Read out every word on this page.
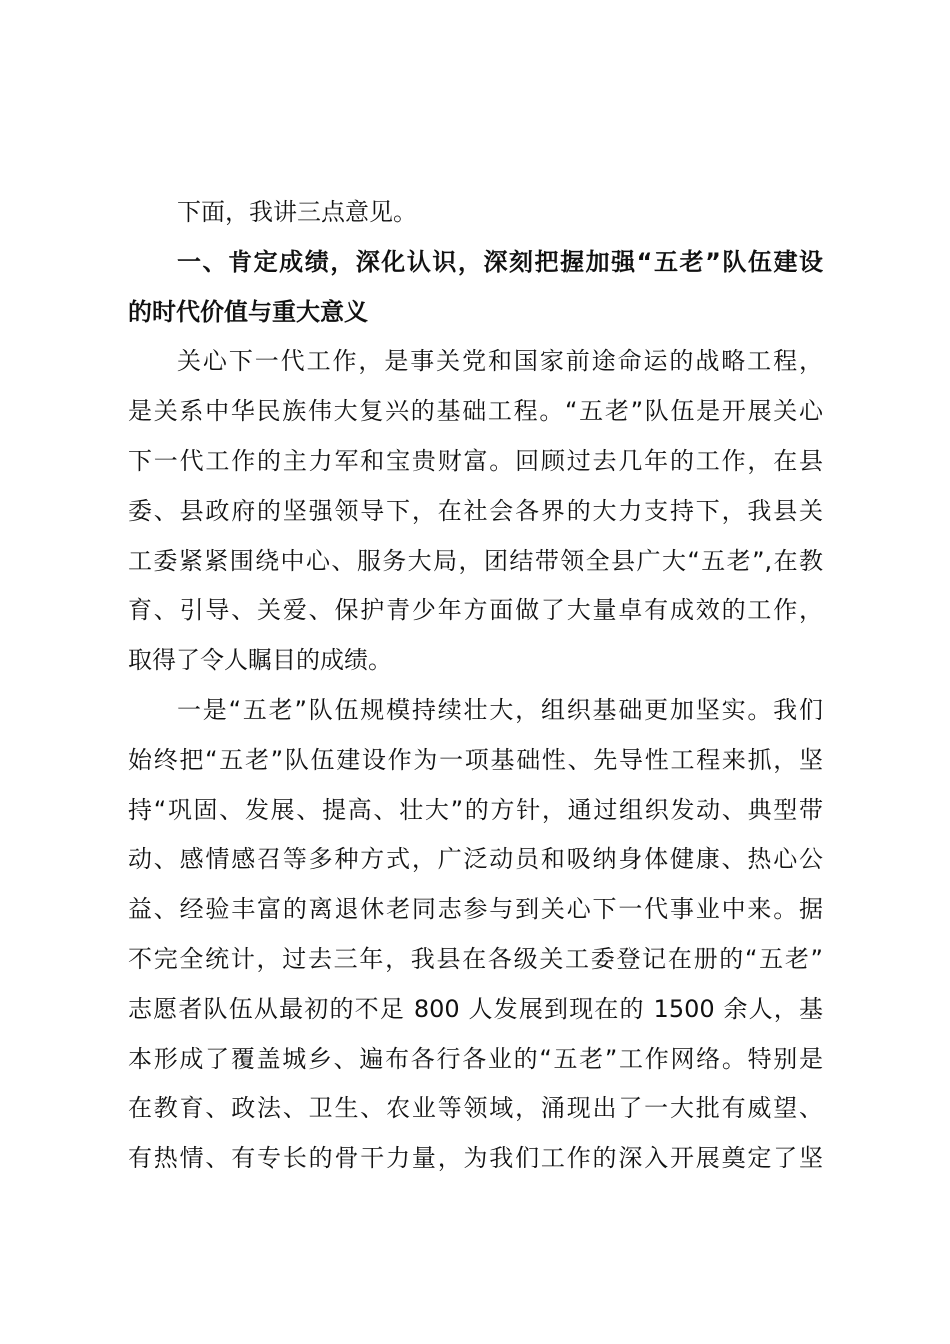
下面，我讲三点意见。
一、肯定成绩，深化认识，深刻把握加强“五老”队伍建设
的时代价值与重大意义
关心下一代工作，是事关党和国家前途命运的战略工程，
是关系中华民族伟大复兴的基础工程。“五老”队伍是开展关心
下一代工作的主力军和宝贵财富。回顾过去几年的工作，在县
委、县政府的坚强领导下，在社会各界的大力支持下，我县关
工委紧紧围绕中心、服务大局，团结带领全县广大“五老”,在教
育、引导、关爱、保护青少年方面做了大量卓有成效的工作，
取得了令人瞩目的成绩。
一是“五老”队伍规模持续壮大，组织基础更加坚实。我们
始终把“五老”队伍建设作为一项基础性、先导性工程来抓，坚
持“巩固、发展、提高、壮大”的方针，通过组织发动、典型带
动、感情感召等多种方式，广泛动员和吸纳身体健康、热心公
益、经验丰富的离退休老同志参与到关心下一代事业中来。据
不完全统计，过去三年，我县在各级关工委登记在册的“五老”
志愿者队伍从最初的不足 800 人发展到现在的 1500 余人，基
本形成了覆盖城乡、遍布各行各业的“五老”工作网络。特别是
在教育、政法、卫生、农业等领域，涌现出了一大批有威望、
有热情、有专长的骨干力量，为我们工作的深入开展奠定了坚
